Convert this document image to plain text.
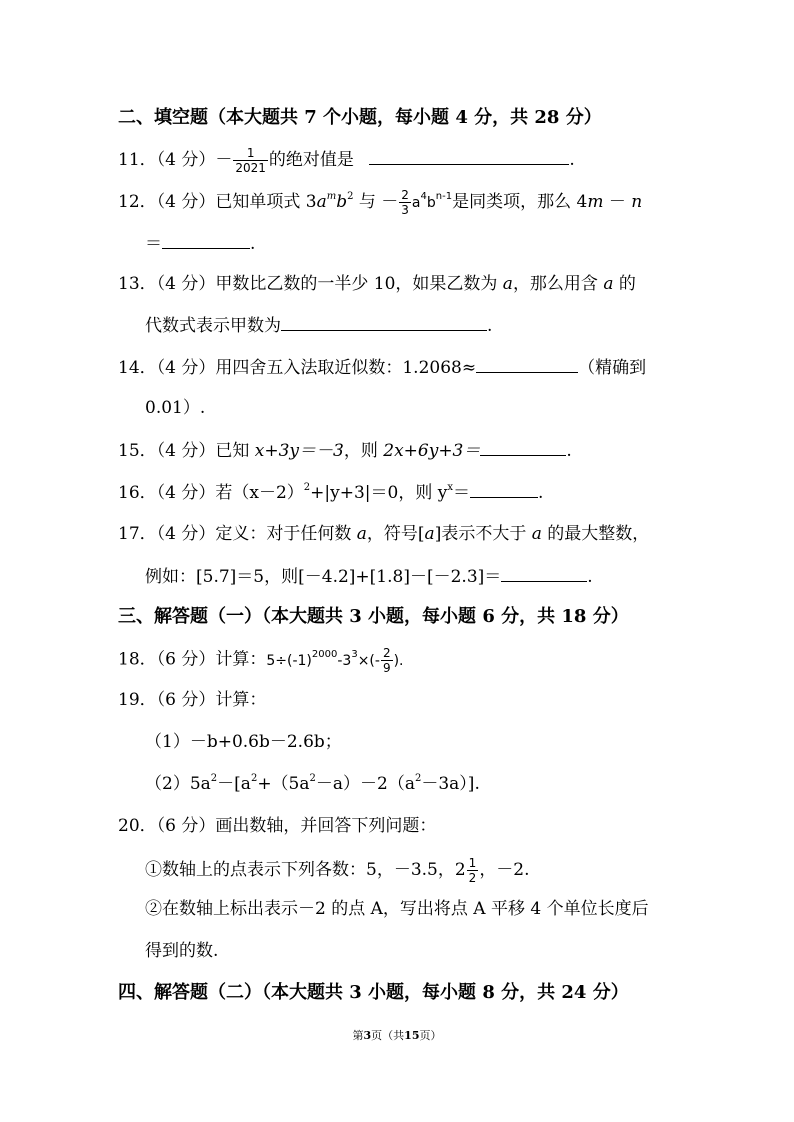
二、填空题（本大题共 7 个小题，每小题 4 分，共 28 分）
11．（4 分）－ $\frac{1}{2021}$ 的绝对值是	.
12．（4 分）已知单项式 $3a^mb^2$ 与 － $\frac{2}{3} a^4b^{n-1}$是同类项，那么 4m － n
＝	.
13．（4 分）甲数比乙数的一半少 10，如果乙数为 a，那么用含 a 的
代数式表示甲数为	.
14．（4 分）用四舍五入法取近似数：1.2068≈	（精确到
0.01）.
15．（4 分）已知 x+3y＝－3，则 2x+6y+3＝	.
16．（4 分）若$(x-2)^2+|y+3|=0$，则 $y^x=$	.
17．（4 分）定义：对于任何数 a，符号[a]表示不大于 a 的最大整数，
例如：[5.7]＝5，则[－4.2]+[1.8]－[－2.3]＝	.
三、解答题（一）（本大题共 3 小题，每小题 6 分，共 18 分）
18．（6 分）计算：$5\div(-1)^{2000}-3^3\times(- \frac{2}{9}$ ).
19．（6 分）计算：
（1）－b+0.6b－2.6b；
$(2)5a^2-[a^2+(5a^2-a)-2(a^2-3a)]$.
20．（6 分）画出数轴，并回答下列问题：
①数轴上的点表示下列各数：5，－3.5，$2 \frac{1}{2}$ ，－2.
②在数轴上标出表示－2 的点 A，写出将点 A 平移 4 个单位长度后
得到的数.
四、解答题（二）（本大题共 3 小题，每小题 8 分，共 24 分）
第3页（共15页）
